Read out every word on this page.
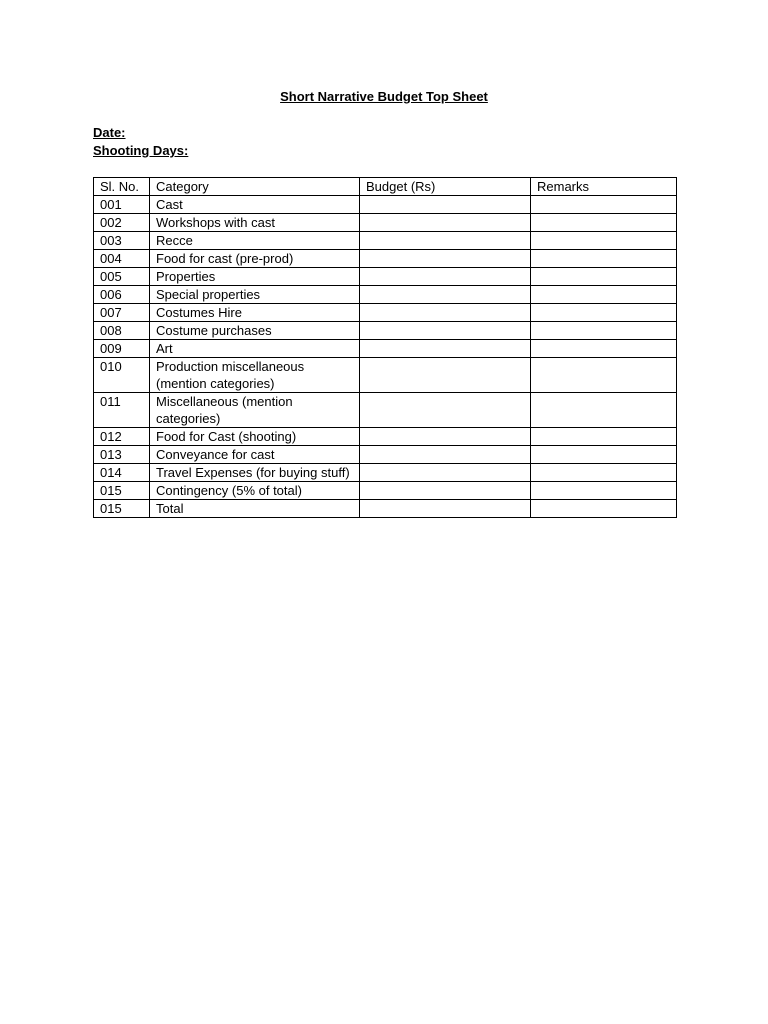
Short Narrative Budget Top Sheet
Date:
Shooting Days:
Sl. No.	Category	Budget (Rs)	Remarks
001	Cast		
002	Workshops with cast		
003	Recce		
004	Food for cast (pre-prod)		
005	Properties		
006	Special properties		
007	Costumes Hire		
008	Costume purchases		
009	Art		
010	Production miscellaneous (mention categories)		
011	Miscellaneous (mention categories)		
012	Food for Cast (shooting)		
013	Conveyance for cast		
014	Travel Expenses (for buying stuff)		
015	Contingency (5% of total)		
015	Total		
